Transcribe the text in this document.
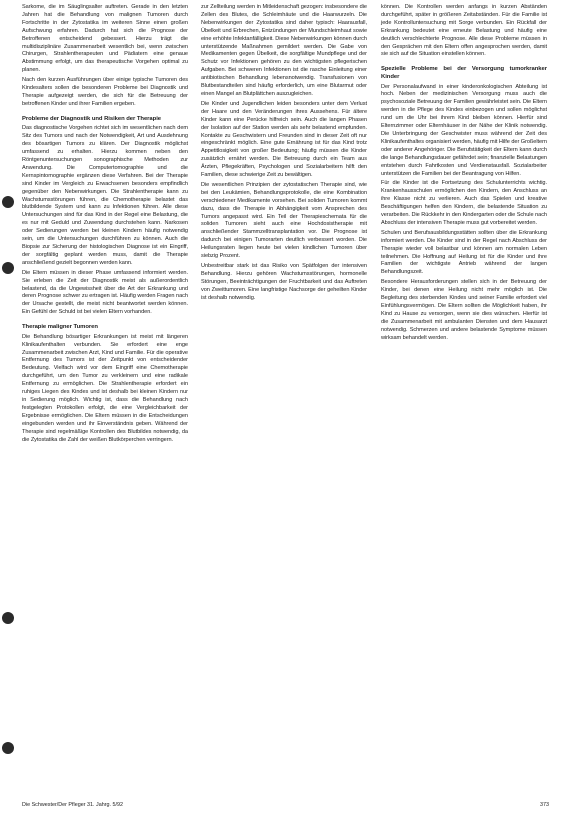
Sarkome, die im Säuglingsalter auftreten. Gerade in den letzten Jahren hat die Behandlung von malignen Tumoren durch Fortschritte in der Zytostatika im weiteren Sinne einen großen Aufschwung erfahren. Dadurch hat sich die Prognose der Betroffenen entscheidend gebessert. Hierzu trägt die multidisziplinäre Zusammenarbeit wesentlich bei, wenn zwischen Chirurgen, Strahlentherapeuten und Pädiatern eine genaue Abstimmung erfolgt, um das therapeutische Vorgehen optimal zu planen.

Nach den kurzen Ausführungen über einige typische Tumoren des Kindesalters sollen die besonderen Probleme bei Diagnostik und Therapie aufgezeigt werden, die sich für die Betreuung der betroffenen Kinder und ihrer Familien ergeben.

Probleme der Diagnostik und Risiken der Therapie

Das diagnostische Vorgehen richtet sich im wesentlichen nach dem Sitz des Tumors und nach der Notwendigkeit, Art und Ausdehnung des bösartigen Tumors zu klären. Der Diagnostik möglichst umfassend zu erhalten. Hierzu kommen neben den Röntgenuntersuchungen sonographische Methoden zur Anwendung. Die Computertomographie und die Kernspintomographie ergänzen diese Verfahren. Bei der Therapie sind Kinder im Vergleich zu Erwachsenen besonders empfindlich gegenüber den Nebenwirkungen. Die Strahlentherapie kann zu Wachstumsstörungen führen, die Chemotherapie belastet das blutbildende System und kann zu Infektionen führen. Alle diese Untersuchungen sind für das Kind in der Regel eine Belastung, die es nur mit Geduld und Zuwendung durchstehen kann. Narkosen oder Sedierungen werden bei kleinen Kindern häufig notwendig sein, um die Untersuchungen durchführen zu können. Auch die Biopsie zur Sicherung der histologischen Diagnose ist ein Eingriff, der sorgfältig geplant werden muss, damit die Therapie anschließend gezielt begonnen werden kann.

Die Eltern müssen in dieser Phase umfassend informiert werden. Sie erleben die Zeit der Diagnostik meist als außerordentlich belastend, da die Ungewissheit über die Art der Erkrankung und deren Prognose schwer zu ertragen ist. Häufig werden Fragen nach der Ursache gestellt, die meist nicht beantwortet werden können. Ein Gefühl der Schuld ist bei vielen Eltern vorhanden.

Therapie maligner Tumoren

Die Behandlung bösartiger Erkrankungen ist meist mit längeren Klinikaufenthalten verbunden. Sie erfordert eine enge Zusammenarbeit zwischen Arzt, Kind und Familie. Für die operative Entfernung des Tumors ist der Zeitpunkt von entscheidender Bedeutung. Vielfach wird vor dem Eingriff eine Chemotherapie durchgeführt, um den Tumor zu verkleinern und eine radikale Entfernung zu ermöglichen. Die Strahlentherapie erfordert ein ruhiges Liegen des Kindes und ist deshalb bei kleinen Kindern nur in Sedierung möglich. Wichtig ist, dass die Behandlung nach festgelegten Protokollen erfolgt, die eine Vergleichbarkeit der Ergebnisse ermöglichen. Die Eltern müssen in die Entscheidungen eingebunden werden und ihr Einverständnis geben. Während der Therapie sind regelmäßige Kontrollen des Blutbildes notwendig, da die Zytostatika die Zahl der weißen Blutkörperchen verringern.

zur Zellteilung werden in Mitleidenschaft gezogen: insbesondere die Zellen des Blutes, die Schleimhäute und die Haarwurzeln. Die Nebenwirkungen der Zytostatika sind daher typisch: Haarausfall, Übelkeit und Erbrechen, Entzündungen der Mundschleimhaut sowie eine erhöhte Infektanfälligkeit. Diese Nebenwirkungen können durch unterstützende Maßnahmen gemildert werden. Die Gabe von Medikamenten gegen Übelkeit, die sorgfältige Mundpflege und der Schutz vor Infektionen gehören zu den wichtigsten pflegerischen Aufgaben. Bei schweren Infektionen ist die rasche Einleitung einer antibiotischen Behandlung lebensnotwendig. Transfusionen von Blutbestandteilen sind häufig erforderlich, um eine Blutarmut oder einen Mangel an Blutplättchen auszugleichen.

Die Kinder und Jugendlichen leiden besonders unter dem Verlust der Haare und den Veränderungen ihres Aussehens. Für ältere Kinder kann eine Perücke hilfreich sein. Auch die langen Phasen der Isolation auf der Station werden als sehr belastend empfunden. Kontakte zu Geschwistern und Freunden sind in dieser Zeit oft nur eingeschränkt möglich. Eine gute Ernährung ist für das Kind trotz Appetitlosigkeit von großer Bedeutung; häufig müssen die Kinder zusätzlich ernährt werden. Die Betreuung durch ein Team aus Ärzten, Pflegekräften, Psychologen und Sozialarbeitern hilft den Familien, diese schwierige Zeit zu bewältigen.

Die wesentlichen Prinzipien der zytostatischen Therapie sind, wie bei den Leukämien, Behandlungsprotokolle, die eine Kombination verschiedener Medikamente vorsehen. Bei soliden Tumoren kommt dazu, dass die Therapie in Abhängigkeit vom Ansprechen des Tumors angepasst wird. Ein Teil der Therapieschemata für die soliden Tumoren sieht auch eine Hochdosistherapie mit anschließender Stammzelltransplantation vor. Die Prognose ist dadurch bei einigen Tumorarten deutlich verbessert worden. Die Heilungsraten liegen heute bei vielen kindlichen Tumoren über siebzig Prozent.

Unbestreitbar stark ist das Risiko von Spätfolgen der intensiven Behandlung. Hierzu gehören Wachstumsstörungen, hormonelle Störungen, Beeinträchtigungen der Fruchtbarkeit und das Auftreten von Zweittumoren. Eine langfristige Nachsorge der geheilten Kinder ist deshalb notwendig.

können. Die Kontrollen werden anfangs in kurzen Abständen durchgeführt, später in größeren Zeitabständen. Für die Familie ist jede Kontrolluntersuchung mit Sorge verbunden. Ein Rückfall der Erkrankung bedeutet eine erneute Belastung und häufig eine deutlich verschlechterte Prognose. Alle diese Probleme müssen in den Gesprächen mit den Eltern offen angesprochen werden, damit sie sich auf die Situation einstellen können.

Spezielle Probleme bei der Versorgung tumorkranker Kinder

Der Personalaufwand in einer kinderonkologischen Abteilung ist hoch. Neben der medizinischen Versorgung muss auch die psychosoziale Betreuung der Familien gewährleistet sein. Die Eltern werden in die Pflege des Kindes einbezogen und sollen möglichst rund um die Uhr bei ihrem Kind bleiben können. Hierfür sind Elternzimmer oder Elternhäuser in der Nähe der Klinik notwendig. Die Unterbringung der Geschwister muss während der Zeit des Klinikaufenthaltes organisiert werden, häufig mit Hilfe der Großeltern oder anderer Angehöriger. Die Berufstätigkeit der Eltern kann durch die lange Behandlungsdauer gefährdet sein; finanzielle Belastungen entstehen durch Fahrtkosten und Verdienstausfall. Sozialarbeiter unterstützen die Familien bei der Beantragung von Hilfen.

Für die Kinder ist die Fortsetzung des Schulunterrichts wichtig. Krankenhausschulen ermöglichen den Kindern, den Anschluss an ihre Klasse nicht zu verlieren. Auch das Spielen und kreative Beschäftigungen helfen den Kindern, die belastende Situation zu verarbeiten. Die Rückkehr in den Kindergarten oder die Schule nach Abschluss der intensiven Therapie muss gut vorbereitet werden.

Schulen und Berufsausbildungsstätten sollten über die Erkrankung informiert werden. Die Kinder sind in der Regel nach Abschluss der Therapie wieder voll belastbar und können am normalen Leben teilnehmen. Die Hoffnung auf Heilung ist für die Kinder und ihre Familien der wichtigste Antrieb während der langen Behandlungszeit.

Besondere Herausforderungen stellen sich in der Betreuung der Kinder, bei denen eine Heilung nicht mehr möglich ist. Die Begleitung des sterbenden Kindes und seiner Familie erfordert viel Einfühlungsvermögen. Die Eltern sollten die Möglichkeit haben, ihr Kind zu Hause zu versorgen, wenn sie dies wünschen. Hierfür ist die Zusammenarbeit mit ambulanten Diensten und dem Hausarzt notwendig. Schmerzen und andere belastende Symptome müssen wirksam behandelt werden.

Die Schwester/Der Pfleger 31. Jahrg. 5/92	373
